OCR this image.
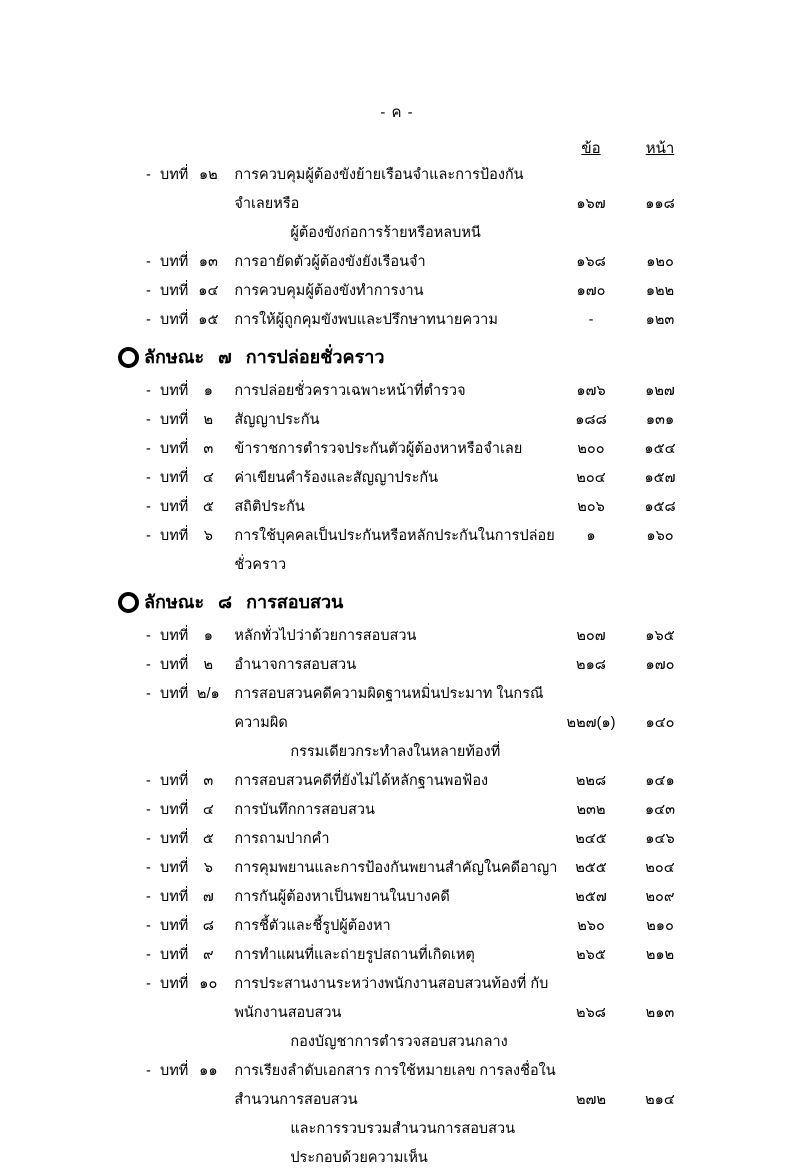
- ค -
ข้อ	หน้า
- บทที่ ๑๒	การควบคุมผู้ต้องขังย้ายเรือนจำและการป้องกันจำเลยหรือ
ผู้ต้องขังก่อการร้ายหรือหลบหนี
๑๖๗	๑๑๘
- บทที่ ๑๓	การอายัดตัวผู้ต้องขังยังเรือนจำ	๑๖๘	๑๒๐
- บทที่ ๑๔	การควบคุมผู้ต้องขังทำการงาน	๑๗๐	๑๒๒
- บทที่ ๑๕	การให้ผู้ถูกคุมขังพบและปรึกษาทนายความ	-	๑๒๓
ลักษณะ ๗ การปล่อยชั่วคราว
- บทที่	๑	การปล่อยชั่วคราวเฉพาะหน้าที่ตำรวจ	๑๗๖	๑๒๗
- บทที่	๒	สัญญาประกัน	๑๘๘	๑๓๑
- บทที่	๓	ข้าราชการตำรวจประกันตัวผู้ต้องหาหรือจำเลย	๒๐๐	๑๕๔
- บทที่	๔	ค่าเขียนคำร้องและสัญญาประกัน	๒๐๔	๑๕๗
- บทที่	๕	สถิติประกัน	๒๐๖	๑๕๘
- บทที่	๖	การใช้บุคคลเป็นประกันหรือหลักประกันในการปล่อยชั่วคราว
๑	๑๖๐
ลักษณะ ๘ การสอบสวน
- บทที่	๑	หลักทั่วไปว่าด้วยการสอบสวน	๒๐๗	๑๖๕
- บทที่	๒	อำนาจการสอบสวน	๒๑๘	๑๗๐
- บทที่ ๒/๑	การสอบสวนคดีความผิดฐานหมิ่นประมาท ในกรณีความผิด
กรรมเดียวกระทำลงในหลายท้องที่
๒๒๗(๑)	๑๔๐
- บทที่	๓	การสอบสวนคดีที่ยังไม่ได้หลักฐานพอฟ้อง	๒๒๘	๑๔๑
- บทที่	๔	การบันทึกการสอบสวน	๒๓๒	๑๔๓
- บทที่	๕	การถามปากคำ	๒๔๕	๑๔๖
- บทที่	๖	การคุมพยานและการป้องกันพยานสำคัญในคดีอาญา	๒๕๕	๒๐๔
- บทที่	๗	การกันผู้ต้องหาเป็นพยานในบางคดี	๒๕๗	๒๐๙
- บทที่ ๘	การชี้ตัวและชี้รูปผู้ต้องหา	๒๖๐	๒๑๐
- บทที่	๙	การทำแผนที่และถ่ายรูปสถานที่เกิดเหตุ	๒๖๕	๒๑๒
- บทที่ ๑๐	การประสานงานระหว่างพนักงานสอบสวนท้องที่ กับพนักงานสอบสวน
กองบัญชาการตำรวจสอบสวนกลาง
๒๖๘	๒๑๓
- บทที่ ๑๑	การเรียงลำดับเอกสาร การใช้หมายเลข การลงชื่อในสำนวนการสอบสวน
และการรวบรวมสำนวนการสอบสวนประกอบด้วยความเห็น
๒๗๒	๒๑๔
